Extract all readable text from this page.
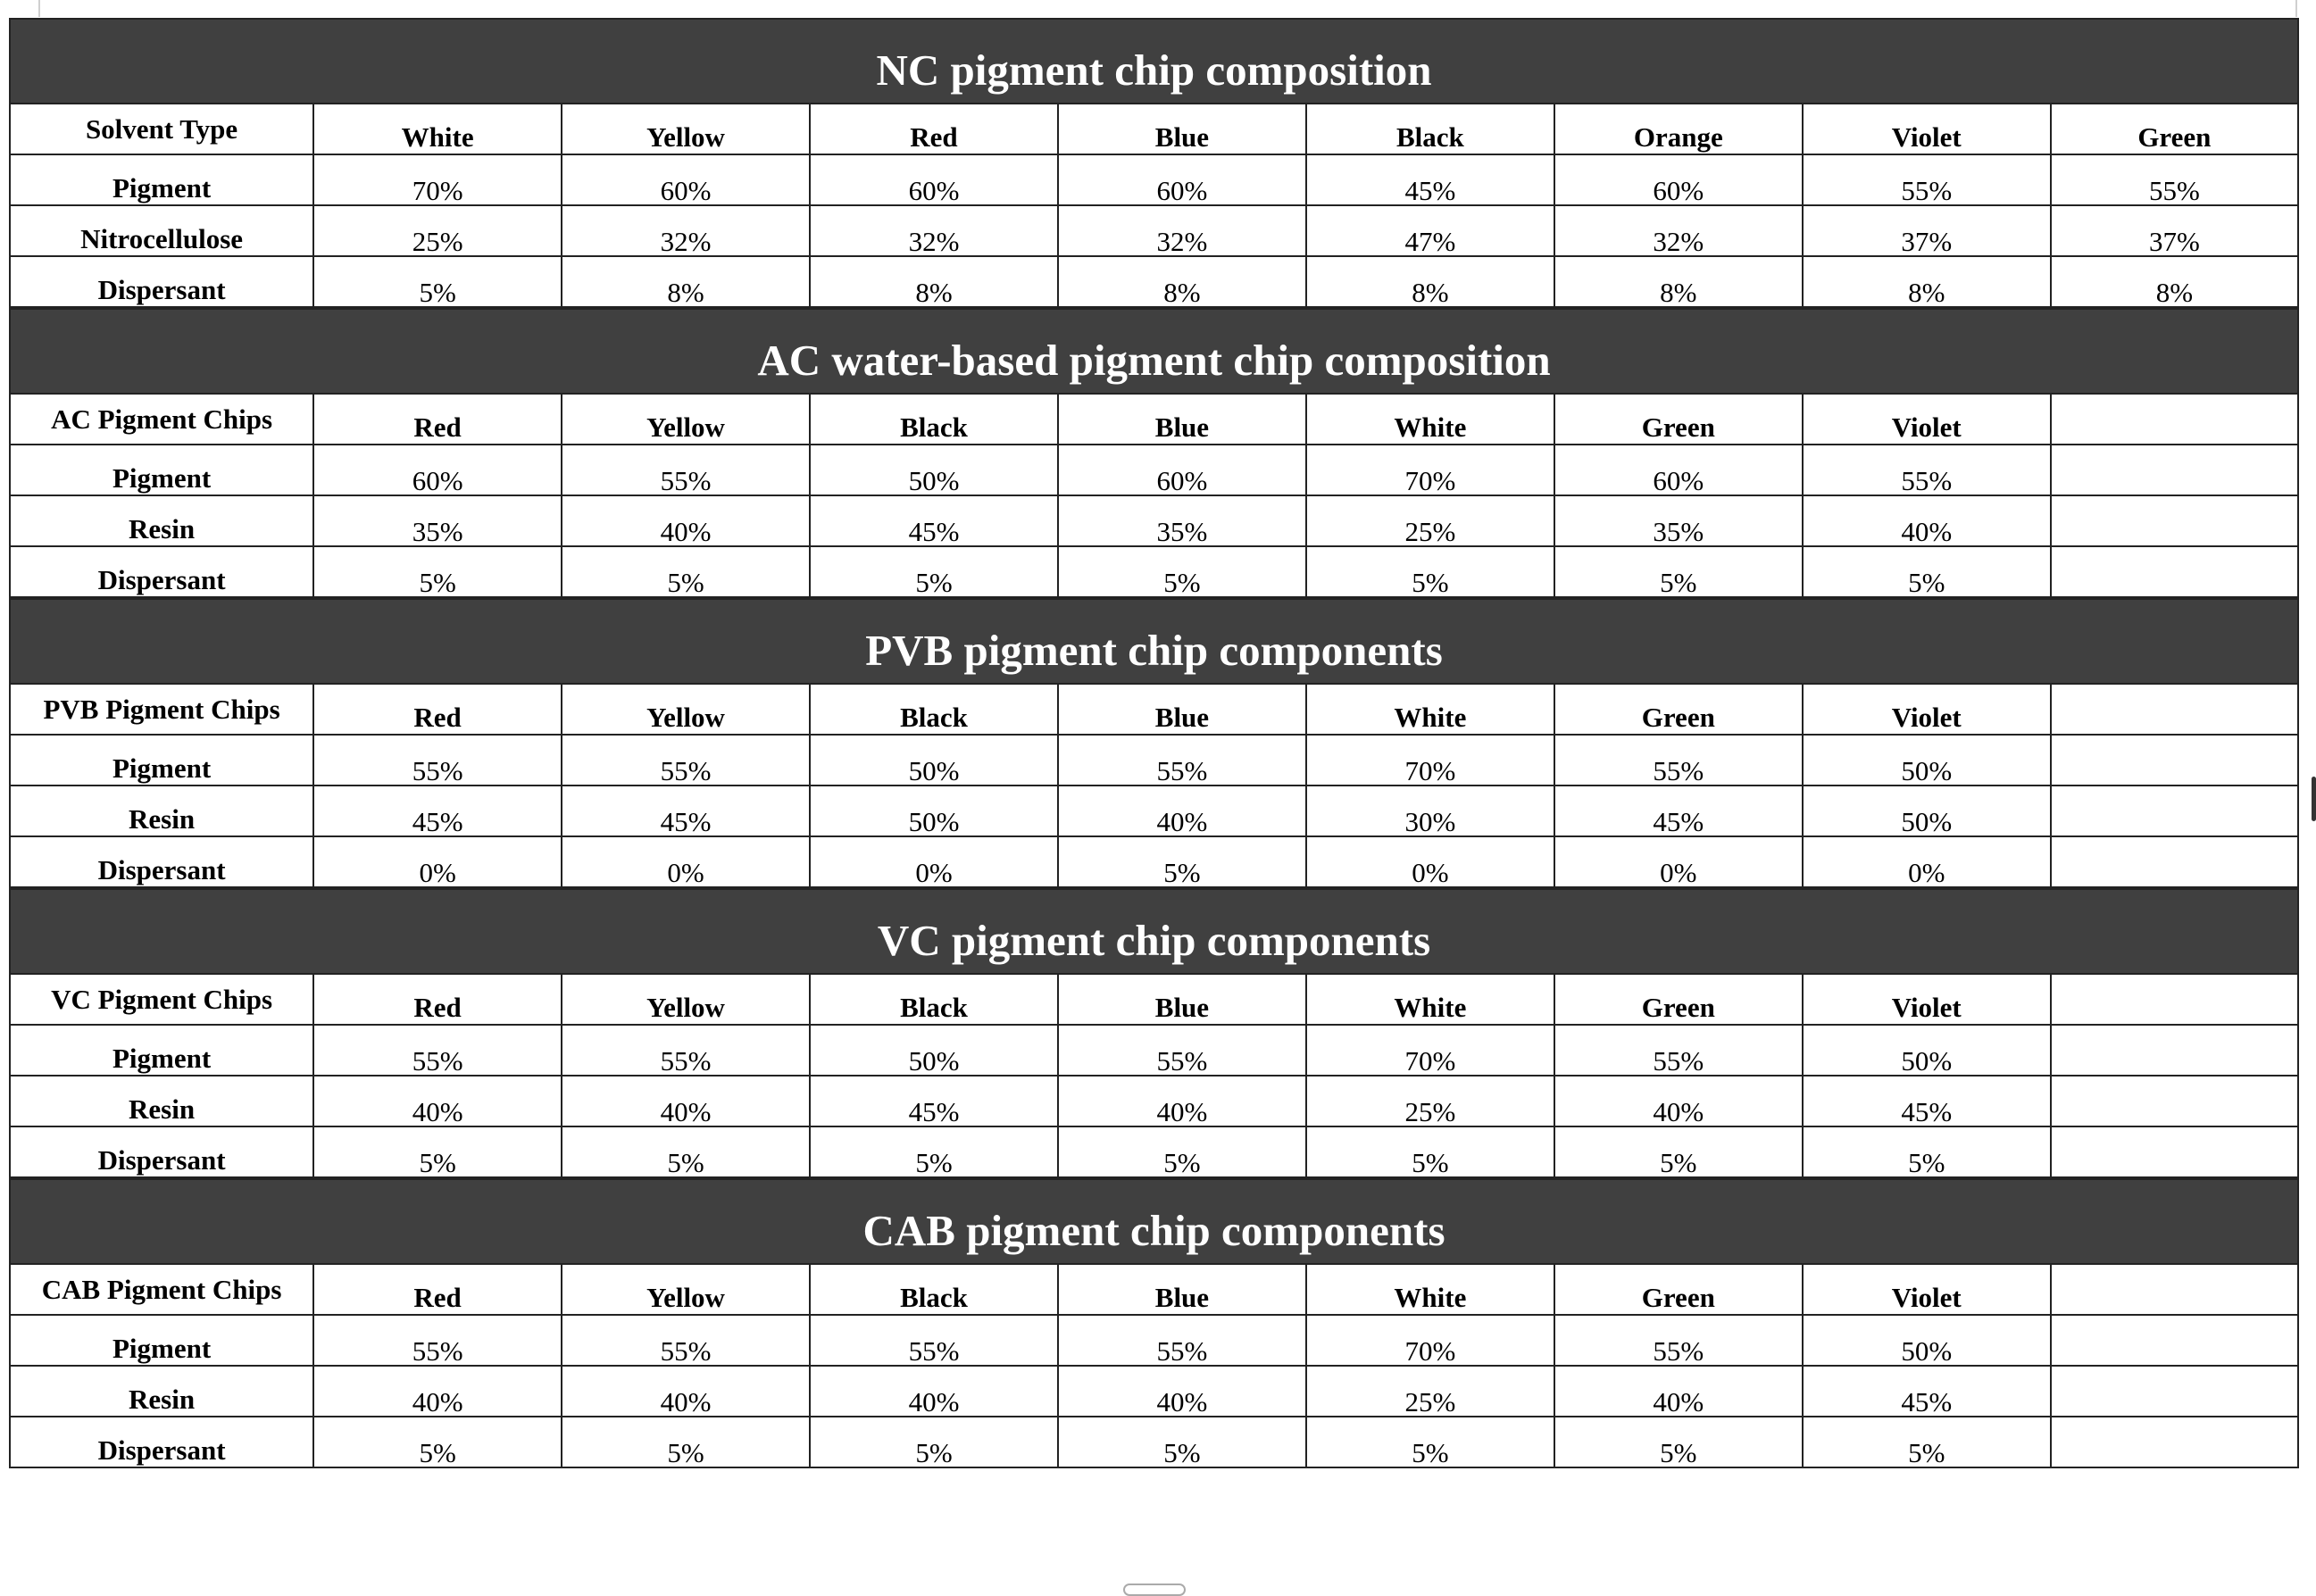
NC pigment chip composition
Solvent Type	White	Yellow	Red	Blue	Black	Orange	Violet	Green
Pigment	70%	60%	60%	60%	45%	60%	55%	55%
Nitrocellulose	25%	32%	32%	32%	47%	32%	37%	37%
Dispersant	5%	8%	8%	8%	8%	8%	8%	8%
AC water-based pigment chip composition
AC Pigment Chips	Red	Yellow	Black	Blue	White	Green	Violet	
Pigment	60%	55%	50%	60%	70%	60%	55%	
Resin	35%	40%	45%	35%	25%	35%	40%	
Dispersant	5%	5%	5%	5%	5%	5%	5%	
PVB pigment chip components
PVB Pigment Chips	Red	Yellow	Black	Blue	White	Green	Violet	
Pigment	55%	55%	50%	55%	70%	55%	50%	
Resin	45%	45%	50%	40%	30%	45%	50%	
Dispersant	0%	0%	0%	5%	0%	0%	0%	
VC pigment chip components
VC Pigment Chips	Red	Yellow	Black	Blue	White	Green	Violet	
Pigment	55%	55%	50%	55%	70%	55%	50%	
Resin	40%	40%	45%	40%	25%	40%	45%	
Dispersant	5%	5%	5%	5%	5%	5%	5%	
CAB pigment chip components
CAB Pigment Chips	Red	Yellow	Black	Blue	White	Green	Violet	
Pigment	55%	55%	55%	55%	70%	55%	50%	
Resin	40%	40%	40%	40%	25%	40%	45%	
Dispersant	5%	5%	5%	5%	5%	5%	5%	
